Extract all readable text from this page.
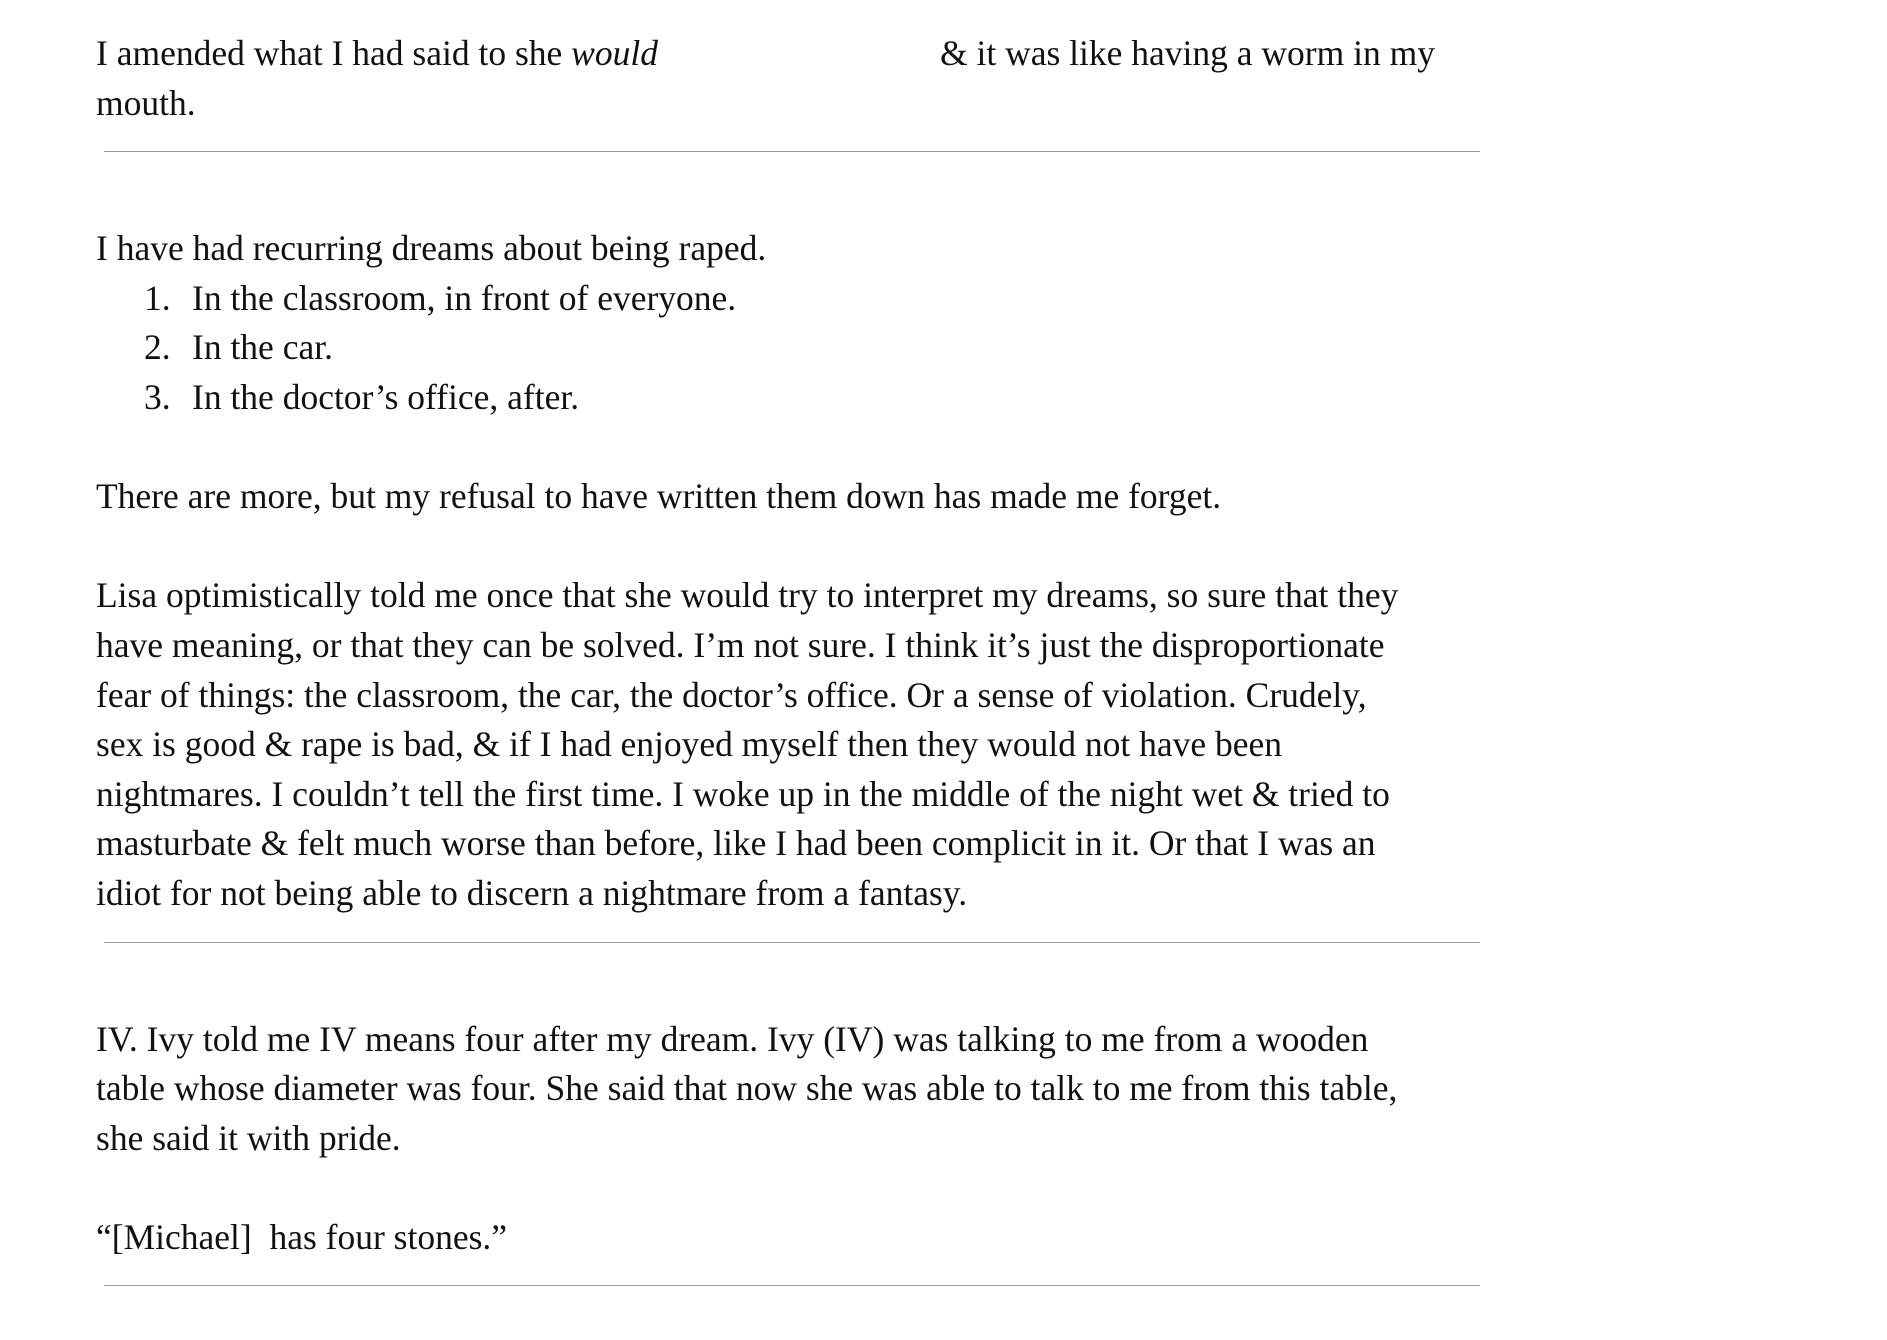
I amended what I had said to she would	& it was like having a worm in my

mouth.

I have had recurring dreams about being raped.

1. In the classroom, in front of everyone.
2. In the car.
3. In the doctor’s office, after.

There are more, but my refusal to have written them down has made me forget.

Lisa optimistically told me once that she would try to interpret my dreams, so sure that they

have meaning, or that they can be solved. I’m not sure. I think it’s just the disproportionate

fear of things: the classroom, the car, the doctor’s office. Or a sense of violation. Crudely,

sex is good & rape is bad, & if I had enjoyed myself then they would not have been

nightmares. I couldn’t tell the first time. I woke up in the middle of the night wet & tried to

masturbate & felt much worse than before, like I had been complicit in it. Or that I was an

idiot for not being able to discern a nightmare from a fantasy.

IV. Ivy told me IV means four after my dream. Ivy (IV) was talking to me from a wooden

table whose diameter was four. She said that now she was able to talk to me from this table,

she said it with pride.

“[Michael]  has four stones.”
